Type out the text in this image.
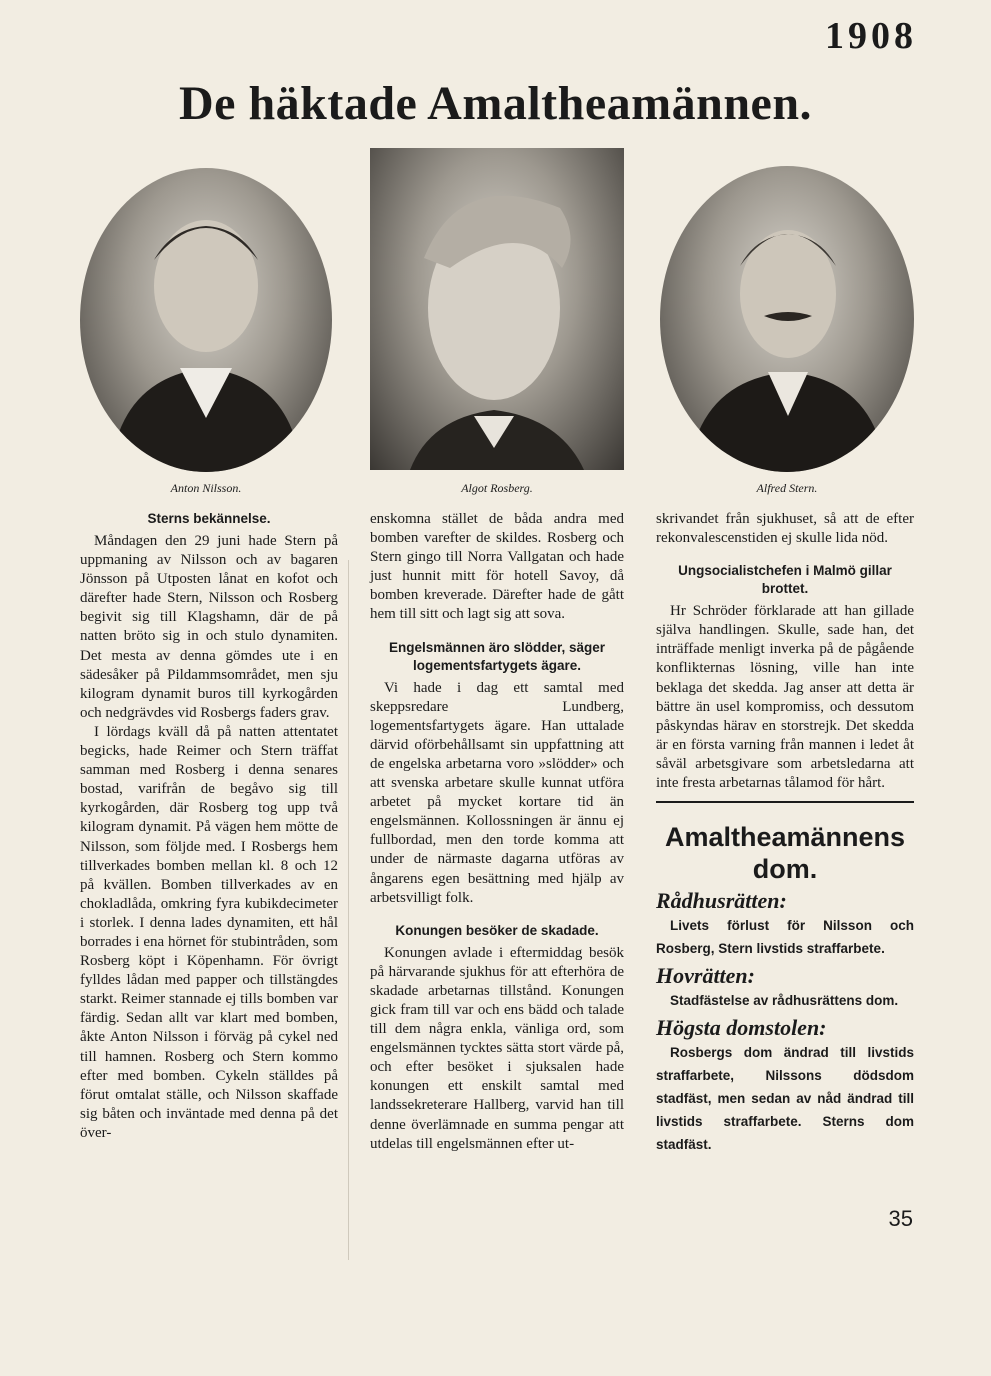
1908
De häktade Amaltheamännen.
Anton Nilsson.	Algot Rosberg.	Alfred Stern.
Sterns bekännelse.

Måndagen den 29 juni hade Stern på uppmaning av Nilsson och av bagaren Jönsson på Utposten lånat en kofot och därefter hade Stern, Nilsson och Rosberg begivit sig till Klagshamn, där de på natten bröto sig in och stulo dynamiten. Det mesta av denna gömdes ute i en sädesåker på Pildammsområdet, men sju kilogram dynamit buros till kyrkogården och nedgrävdes vid Rosbergs faders grav.

I lördags kväll då på natten attentatet begicks, hade Reimer och Stern träffat samman med Rosberg i denna senares bostad, varifrån de begåvo sig till kyrkogården, där Rosberg tog upp två kilogram dynamit. På vägen hem mötte de Nilsson, som följde med. I Rosbergs hem tillverkades bomben mellan kl. 8 och 12 på kvällen. Bomben tillverkades av en chokladlåda, omkring fyra kubikdecimeter i storlek. I denna lades dynamiten, ett hål borrades i ena hörnet för stubintråden, som Rosberg köpt i Köpenhamn. För övrigt fylldes lådan med papper och tillstängdes starkt. Reimer stannade ej tills bomben var färdig. Sedan allt var klart med bomben, åkte Anton Nilsson i förväg på cykel ned till hamnen. Rosberg och Stern kommo efter med bomben. Cykeln ställdes på förut omtalat ställe, och Nilsson skaffade sig båten och inväntade med denna på det över-

enskomna stället de båda andra med bomben varefter de skildes. Rosberg och Stern gingo till Norra Vallgatan och hade just hunnit mitt för hotell Savoy, då bomben kreverade. Därefter hade de gått hem till sitt och lagt sig att sova.

Engelsmännen äro slödder, säger logementsfartygets ägare.

Vi hade i dag ett samtal med skeppsredare Lundberg, logementsfartygets ägare. Han uttalade därvid oförbehållsamt sin uppfattning att de engelska arbetarna voro »slödder» och att svenska arbetare skulle kunnat utföra arbetet på mycket kortare tid än engelsmännen. Kollossningen är ännu ej fullbordad, men den torde komma att under de närmaste dagarna utföras av ångarens egen besättning med hjälp av arbetsvilligt folk.

Konungen besöker de skadade.

Konungen avlade i eftermiddag besök på härvarande sjukhus för att efterhöra de skadade arbetarnas tillstånd. Konungen gick fram till var och ens bädd och talade till dem några enkla, vänliga ord, som engelsmännen tycktes sätta stort värde på, och efter besöket i sjuksalen hade konungen ett enskilt samtal med landssekreterare Hallberg, varvid han till denne överlämnade en summa pengar att utdelas till engelsmännen efter ut-

skrivandet från sjukhuset, så att de efter rekonvalescenstiden ej skulle lida nöd.

Ungsocialistchefen i Malmö gillar brottet.

Hr Schröder förklarade att han gillade själva handlingen. Skulle, sade han, det inträffade menligt inverka på de pågående konflikternas lösning, ville han inte beklaga det skedda. Jag anser att detta är bättre än usel kompromiss, och dessutom påskyndas härav en storstrejk. Det skedda är en första varning från mannen i ledet åt såväl arbetsgivare som arbetsledarna att inte fresta arbetarnas tålamod för hårt.

Amaltheamännens dom.
Rådhusrätten:

Livets förlust för Nilsson och Rosberg, Stern livstids straffarbete.

Hovrätten:

Stadfästelse av rådhusrättens dom.

Högsta domstolen:

Rosbergs dom ändrad till livstids straffarbete, Nilssons dödsdom stadfäst, men sedan av nåd ändrad till livstids straffarbete. Sterns dom stadfäst.

35
